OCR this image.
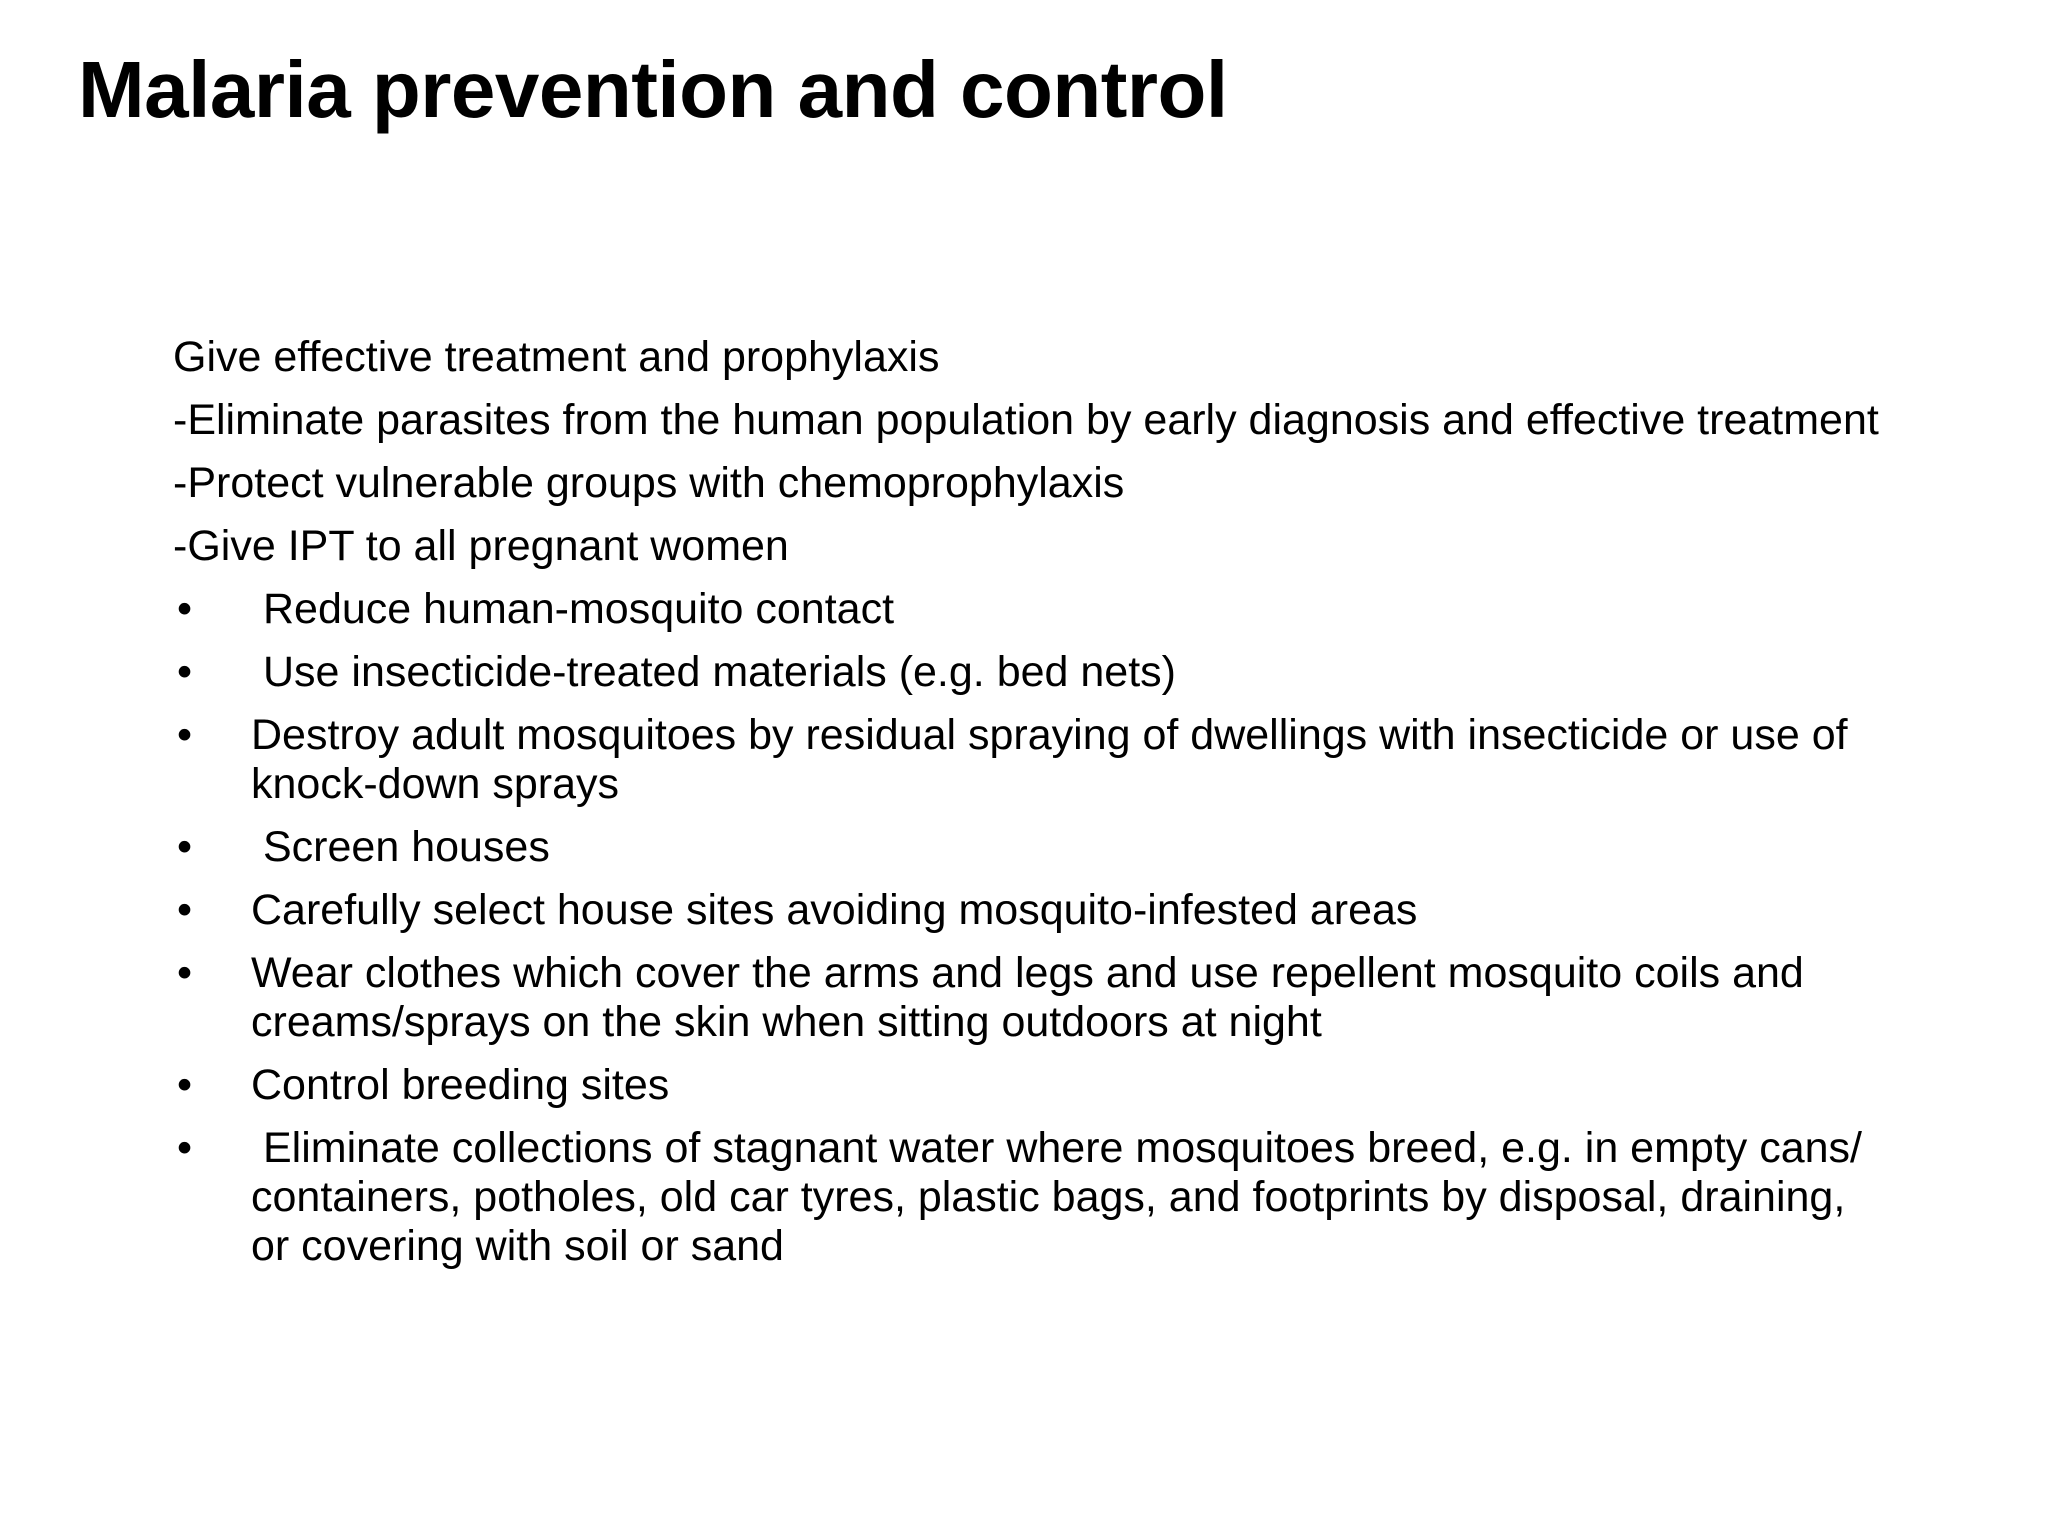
Malaria prevention and control

Give effective treatment and prophylaxis

-Eliminate parasites from the human population by early diagnosis and effective treatment

-Protect vulnerable groups with chemoprophylaxis

-Give IPT to all pregnant women

• Reduce human-mosquito contact

• Use insecticide-treated materials (e.g. bed nets)

• Destroy adult mosquitoes by residual spraying of dwellings with insecticide or use of knock-down sprays

• Screen houses

• Carefully select house sites avoiding mosquito-infested areas

• Wear clothes which cover the arms and legs and use repellent mosquito coils and creams/sprays on the skin when sitting outdoors at night

• Control breeding sites

• Eliminate collections of stagnant water where mosquitoes breed, e.g. in empty cans/ containers, potholes, old car tyres, plastic bags, and footprints by disposal, draining, or covering with soil or sand
